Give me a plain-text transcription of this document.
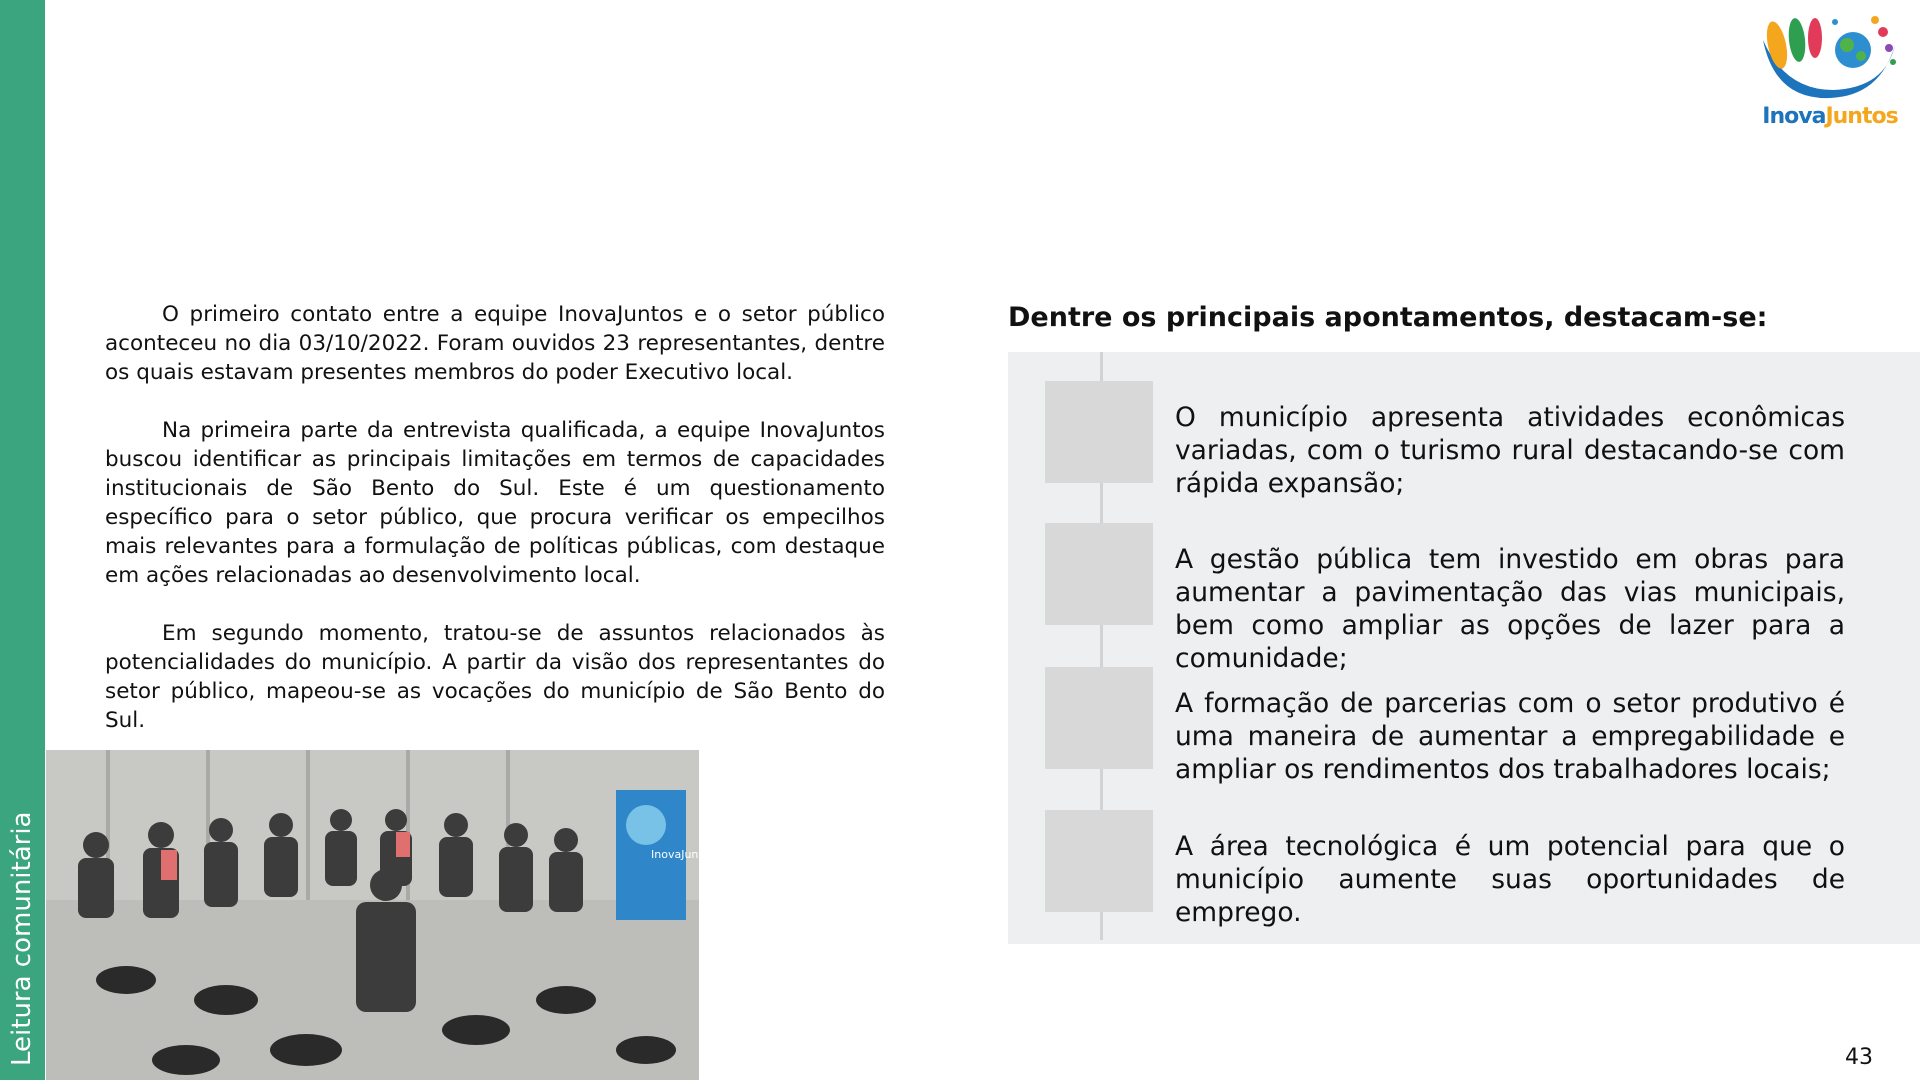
Leitura comunitária
InovaJuntos

O primeiro contato entre a equipe InovaJuntos e o setor público aconteceu no dia 03/10/2022. Foram ouvidos 23 representantes, dentre os quais estavam presentes membros do poder Executivo local.

Na primeira parte da entrevista qualificada, a equipe InovaJuntos buscou identificar as principais limitações em termos de capacidades institucionais de São Bento do Sul. Este é um questionamento específico para o setor público, que procura verificar os empecilhos mais relevantes para a formulação de políticas públicas, com destaque em ações relacionadas ao desenvolvimento local.

Em segundo momento, tratou-se de assuntos relacionados às potencialidades do município. A partir da visão dos representantes do setor público, mapeou-se as vocações do município de São Bento do Sul.

InovaJuntos
Dentre os principais apontamentos, destacam-se:
O município apresenta atividades econômicas variadas, com o turismo rural destacando-se com rápida expansão;
A gestão pública tem investido em obras para aumentar a pavimentação das vias municipais, bem como ampliar as opções de lazer para a comunidade;
A formação de parcerias com o setor produtivo é uma maneira de aumentar a empregabilidade e ampliar os rendimentos dos trabalhadores locais;
A área tecnológica é um potencial para que o município aumente suas oportunidades de emprego.
43
